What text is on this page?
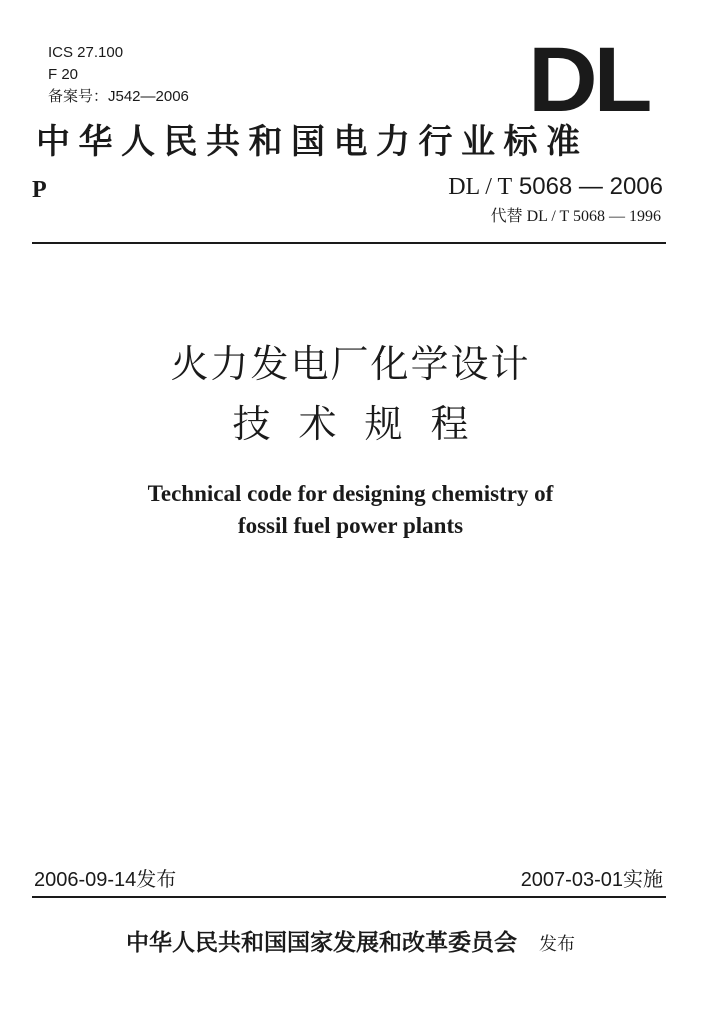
ICS 27.100
F 20
备案号：J542—2006	DL
中华人民共和国电力行业标准
P	DL / T 5068 — 2006
代替 DL / T 5068 — 1996
火力发电厂化学设计
技术规程
Technical code for designing chemistry of
fossil fuel power plants
2006-09-14发布	2007-03-01实施
中华人民共和国国家发展和改革委员会 发布
